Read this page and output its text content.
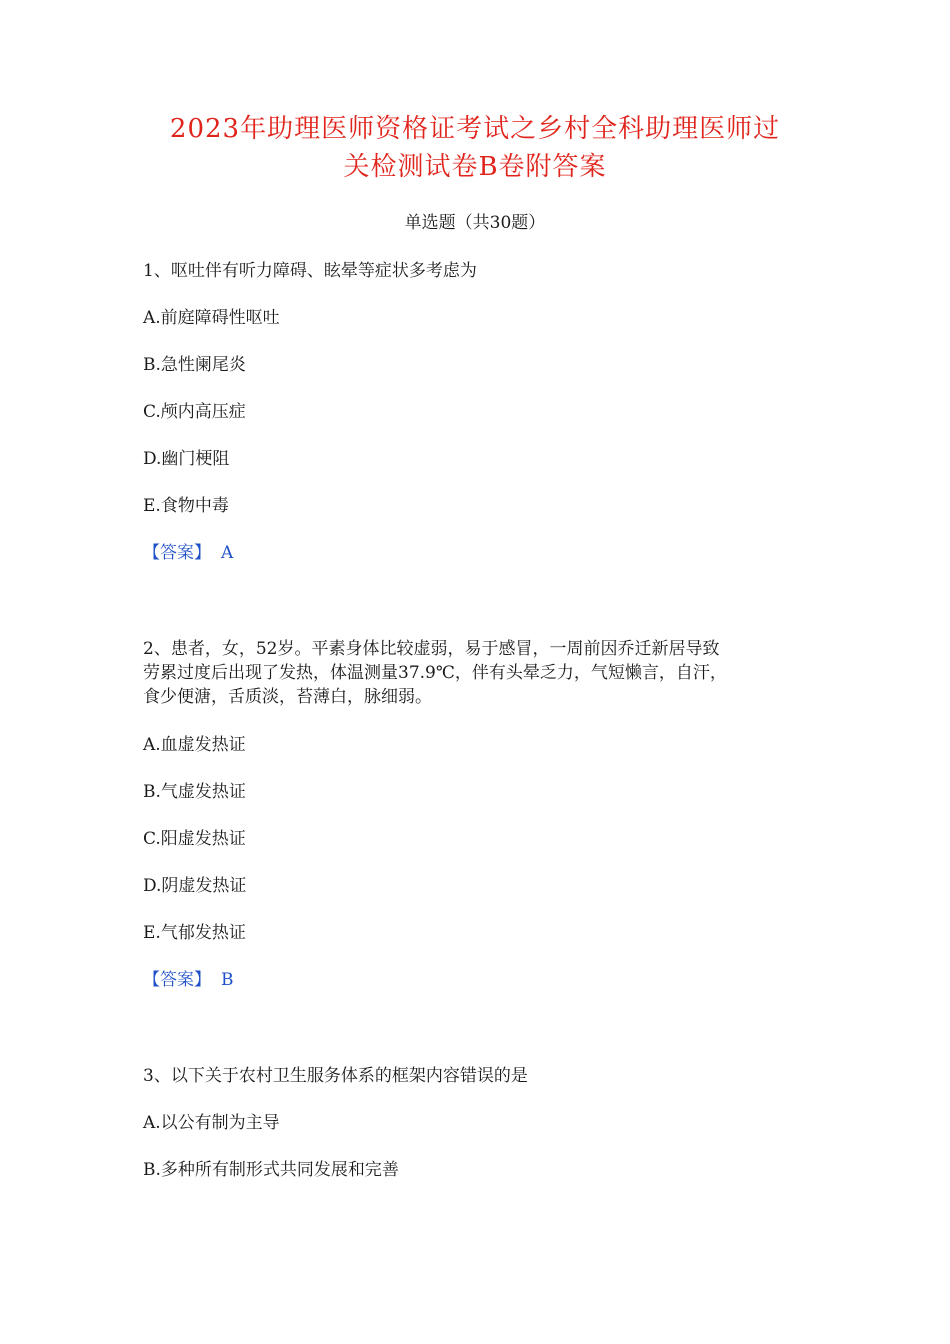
2023年助理医师资格证考试之乡村全科助理医师过
关检测试卷B卷附答案
单选题（共30题）
1、呕吐伴有听力障碍、眩晕等症状多考虑为
A.前庭障碍性呕吐
B.急性阑尾炎
C.颅内高压症
D.幽门梗阻
E.食物中毒
【答案】 A
2、患者，女，52岁。平素身体比较虚弱，易于感冒，一周前因乔迁新居导致
劳累过度后出现了发热，体温测量37.9℃，伴有头晕乏力，气短懒言，自汗，
食少便溏，舌质淡，苔薄白，脉细弱。
A.血虚发热证
B.气虚发热证
C.阳虚发热证
D.阴虚发热证
E.气郁发热证
【答案】 B
3、以下关于农村卫生服务体系的框架内容错误的是
A.以公有制为主导
B.多种所有制形式共同发展和完善
